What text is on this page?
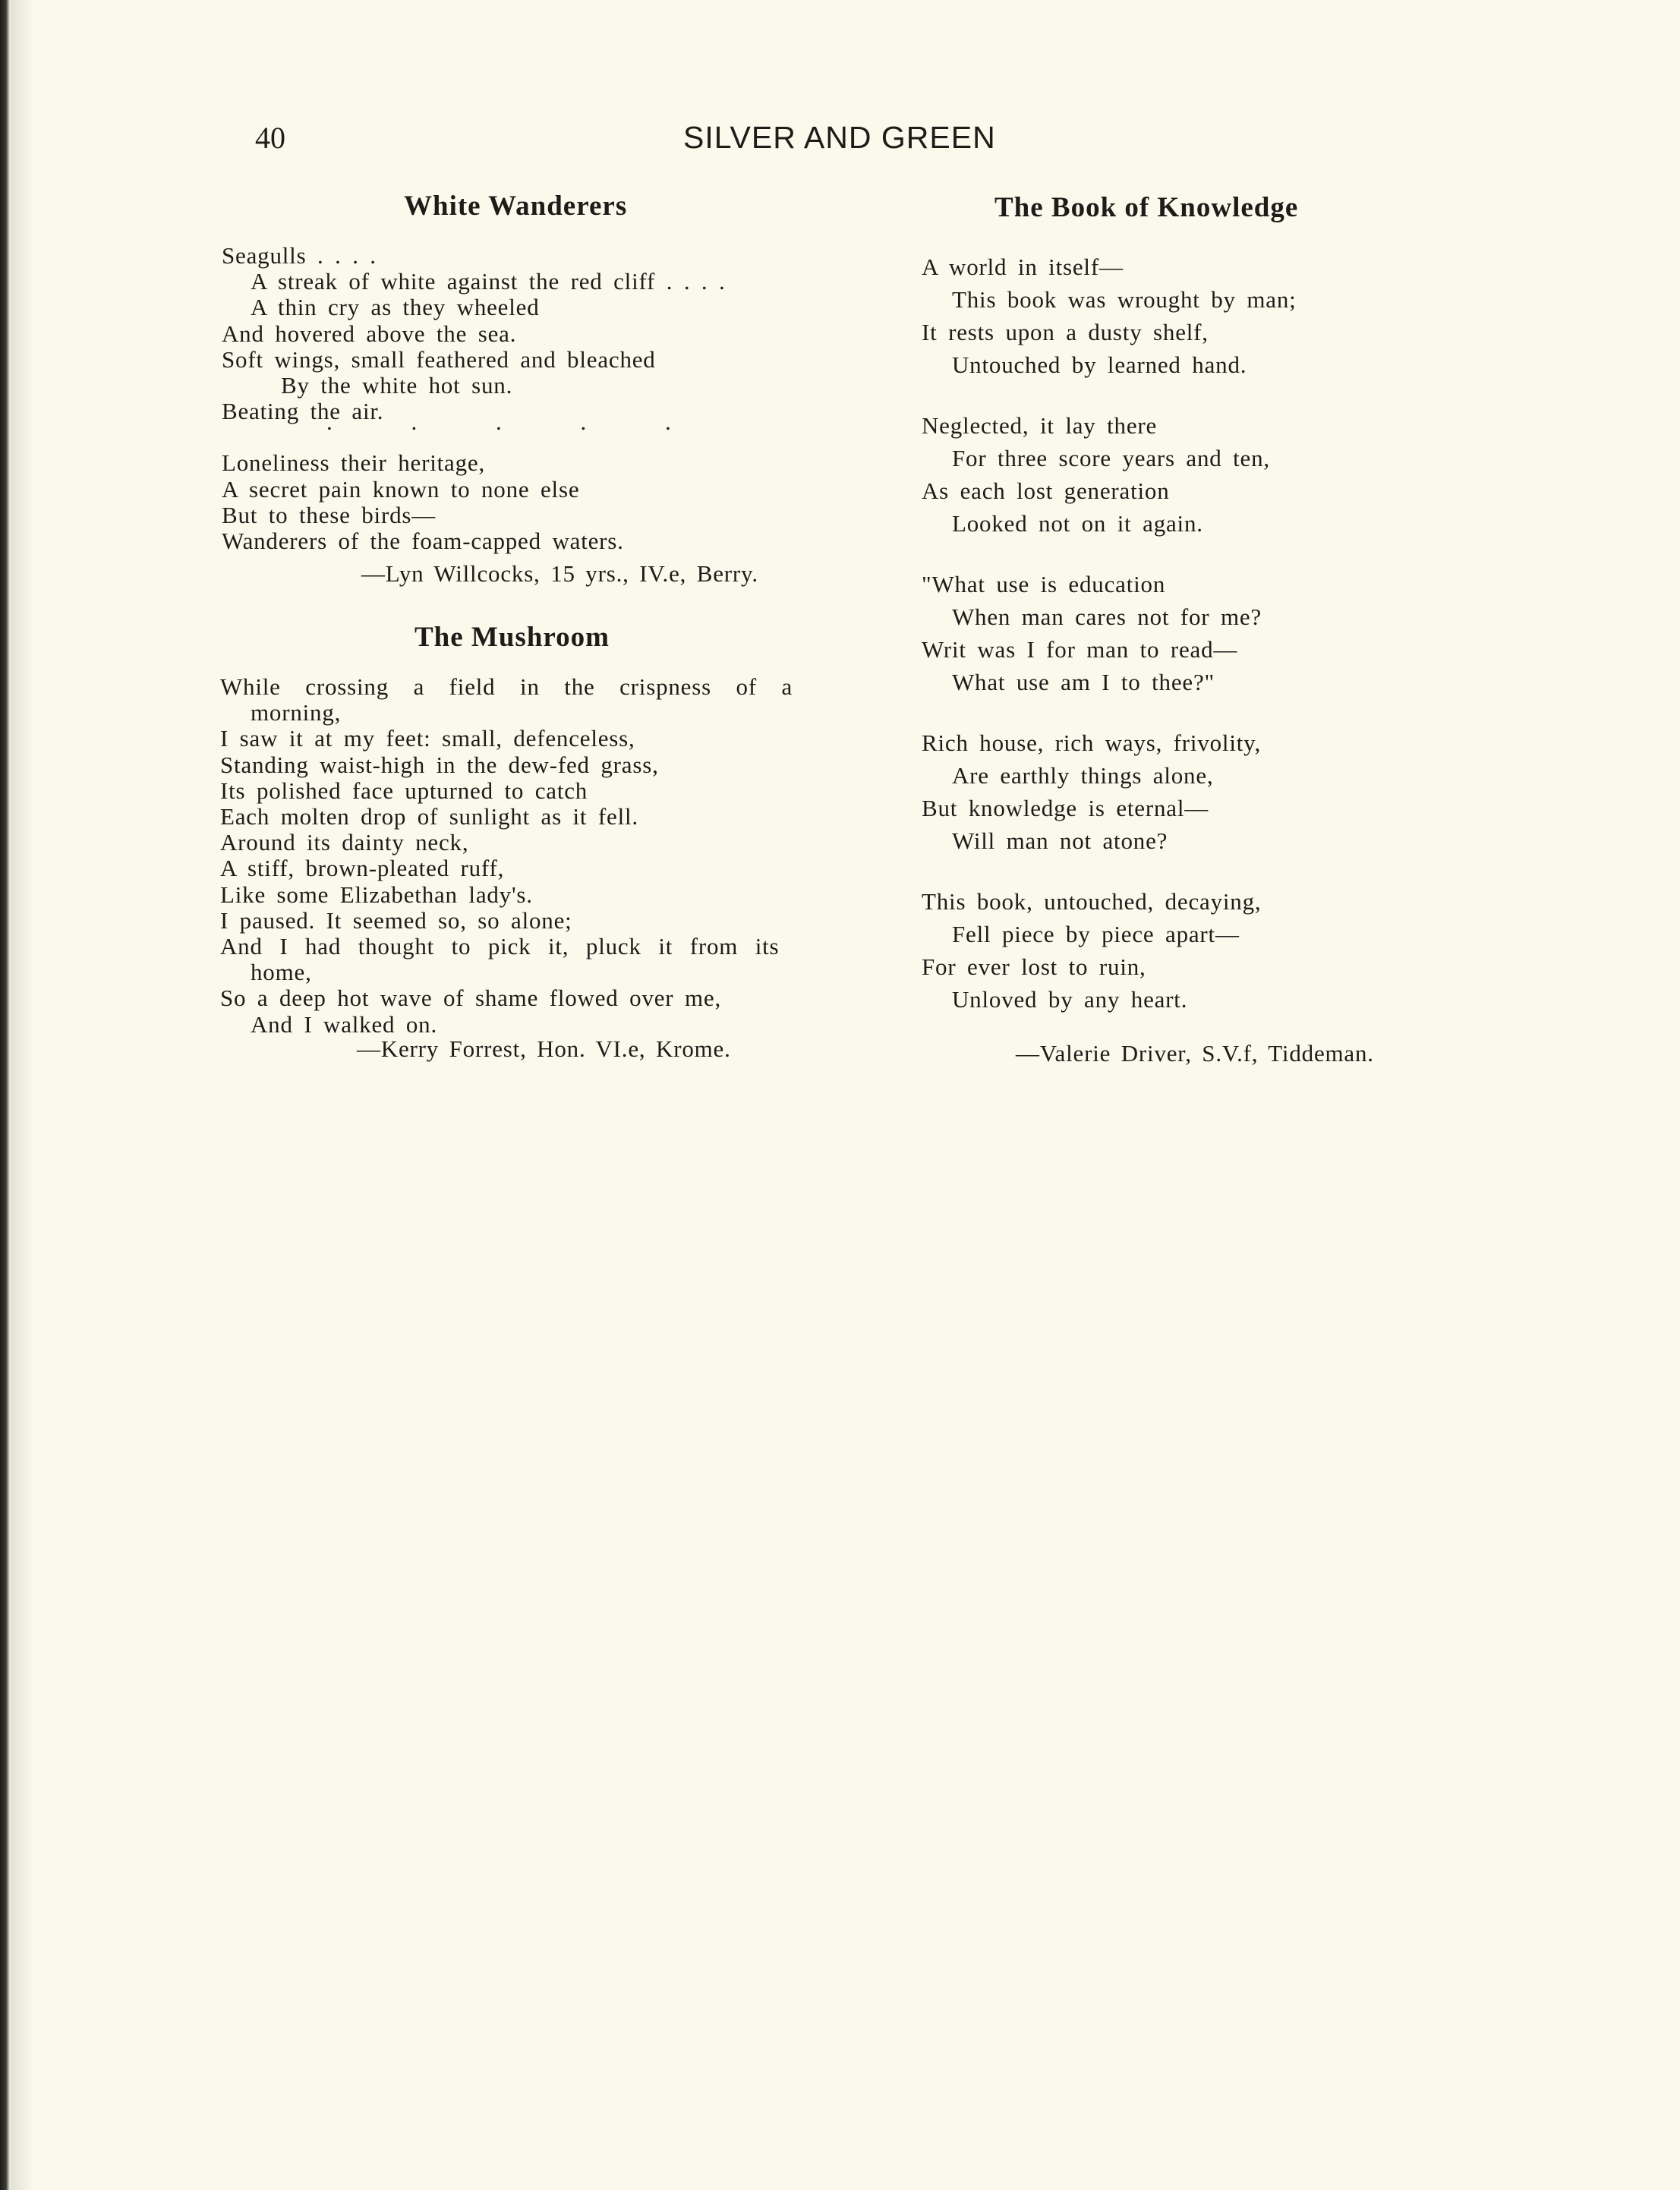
40	SILVER AND GREEN

White Wanderers
Seagulls . . . .
A streak of white against the red cliff . . . .
A thin cry as they wheeled
And hovered above the sea.
Soft wings, small feathered and bleached
By the white hot sun.
Beating the air.
Loneliness their heritage,
A secret pain known to none else
But to these birds—
Wanderers of the foam-capped waters.

. . . . .

—Lyn Willcocks, 15 yrs., IV.e, Berry.

The Mushroom
While crossing a field in the crispness of a
morning,
I saw it at my feet: small, defenceless,
Standing waist-high in the dew-fed grass,
Its polished face upturned to catch
Each molten drop of sunlight as it fell.
Around its dainty neck,
A stiff, brown-pleated ruff,
Like some Elizabethan lady's.
I paused. It seemed so, so alone;
And I had thought to pick it, pluck it from its
home,
So a deep hot wave of shame flowed over me,
And I walked on.

—Kerry Forrest, Hon. VI.e, Krome.

The Book of Knowledge
A world in itself—
This book was wrought by man;
It rests upon a dusty shelf,
Untouched by learned hand.
Neglected, it lay there
For three score years and ten,
As each lost generation
Looked not on it again.
"What use is education
When man cares not for me?
Writ was I for man to read—
What use am I to thee?"
Rich house, rich ways, frivolity,
Are earthly things alone,
But knowledge is eternal—
Will man not atone?
This book, untouched, decaying,
Fell piece by piece apart—
For ever lost to ruin,
Unloved by any heart.

—Valerie Driver, S.V.f, Tiddeman.
